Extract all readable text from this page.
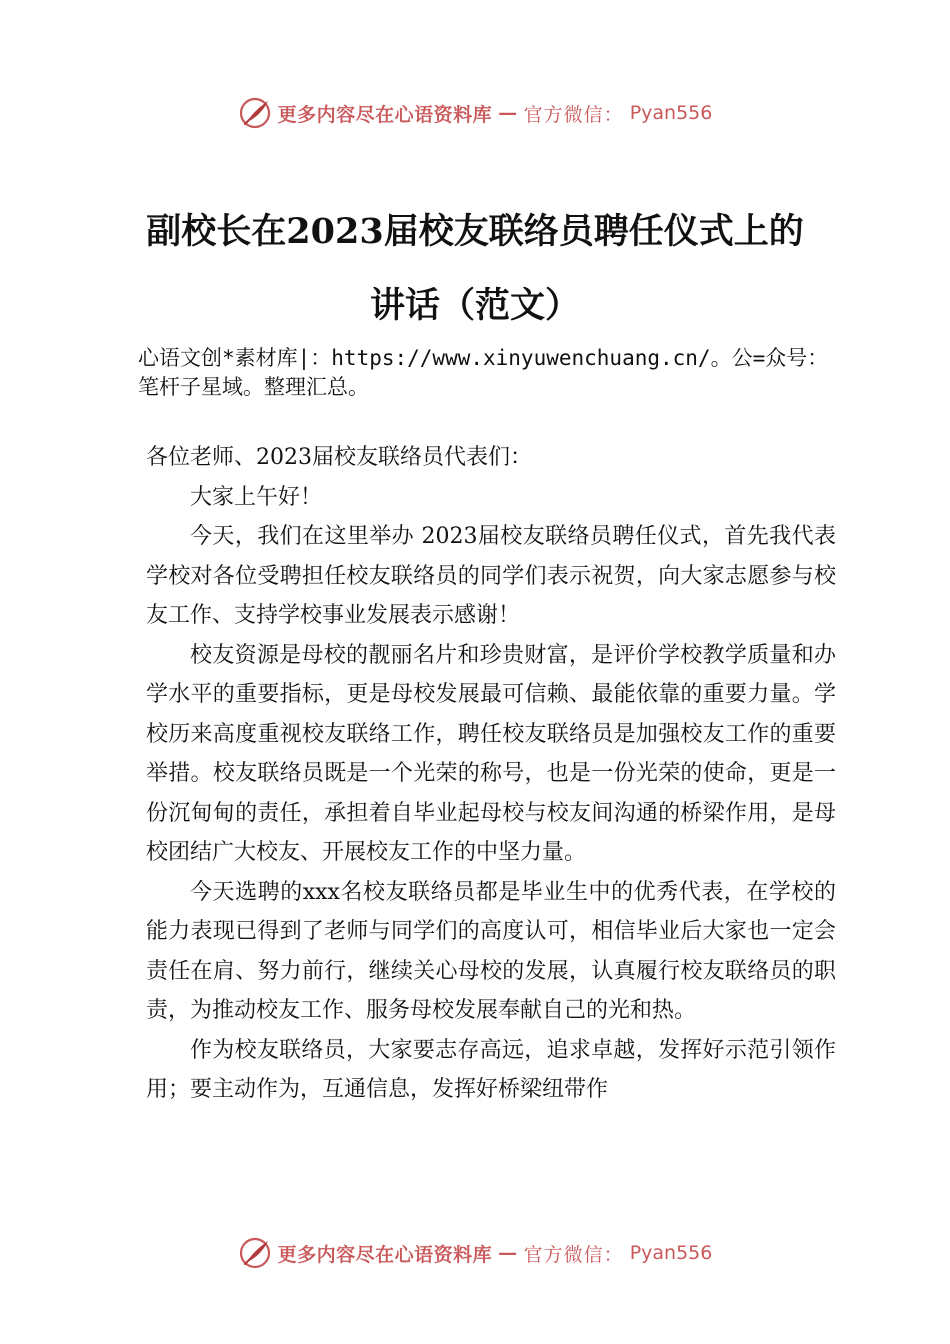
更多内容尽在心语资料库 — 官方微信： Pyan556
副校长在2023届校友联络员聘任仪式上的
讲话（范文）
心语文创*素材库|：https://www.xinyuwenchuang.cn/。公=众号：笔杆子星域。整理汇总。

各位老师、2023届校友联络员代表们：

大家上午好！

今天，我们在这里举办 2023届校友联络员聘任仪式，首先我代表学校对各位受聘担任校友联络员的同学们表示祝贺，向大家志愿参与校友工作、支持学校事业发展表示感谢！

校友资源是母校的靓丽名片和珍贵财富，是评价学校教学质量和办学水平的重要指标，更是母校发展最可信赖、最能依靠的重要力量。学校历来高度重视校友联络工作，聘任校友联络员是加强校友工作的重要举措。校友联络员既是一个光荣的称号，也是一份光荣的使命，更是一份沉甸甸的责任，承担着自毕业起母校与校友间沟通的桥梁作用，是母校团结广大校友、开展校友工作的中坚力量。

今天选聘的xxx名校友联络员都是毕业生中的优秀代表，在学校的能力表现已得到了老师与同学们的高度认可，相信毕业后大家也一定会责任在肩、努力前行，继续关心母校的发展，认真履行校友联络员的职责，为推动校友工作、服务母校发展奉献自己的光和热。

作为校友联络员，大家要志存高远，追求卓越，发挥好示范引领作用；要主动作为，互通信息，发挥好桥梁纽带作

更多内容尽在心语资料库 — 官方微信： Pyan556
